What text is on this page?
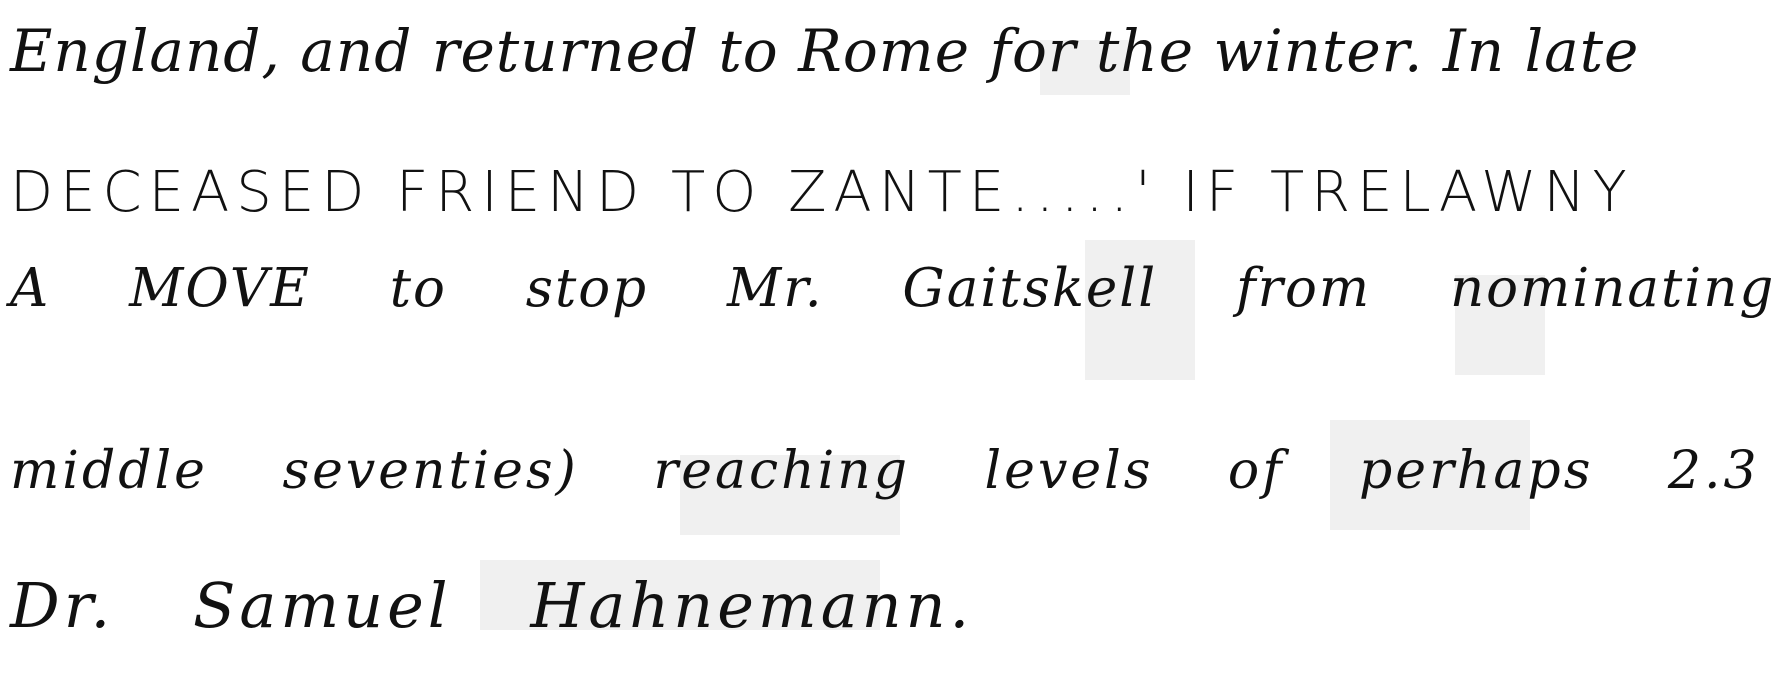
England, and returned to Rome for the winter. In late
DECEASED FRIEND TO ZANTE.....' IF TRELAWNY
A MOVE to stop Mr. Gaitskell from nominating
middle seventies) reaching levels of perhaps 2.3
Dr. Samuel Hahnemann.
